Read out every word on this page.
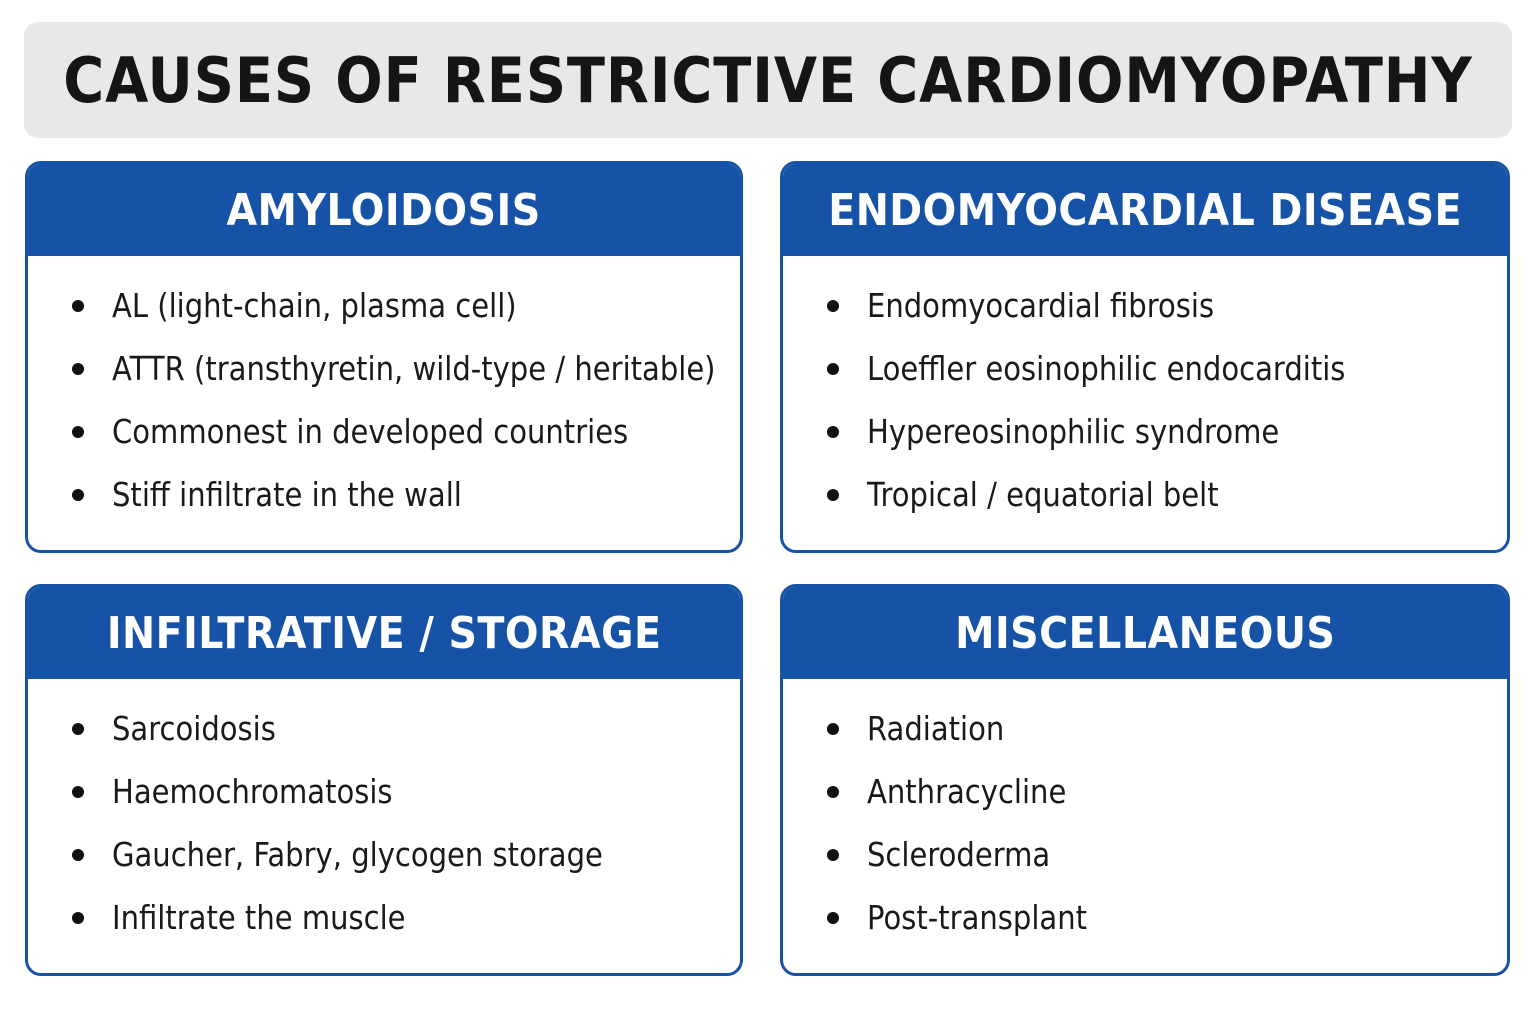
CAUSES OF RESTRICTIVE CARDIOMYOPATHY
AMYLOIDOSIS
AL (light-chain, plasma cell)
ATTR (transthyretin, wild-type / heritable)
Commonest in developed countries
Stiff infiltrate in the wall
ENDOMYOCARDIAL DISEASE
Endomyocardial fibrosis
Loeffler eosinophilic endocarditis
Hypereosinophilic syndrome
Tropical / equatorial belt
INFILTRATIVE / STORAGE
Sarcoidosis
Haemochromatosis
Gaucher, Fabry, glycogen storage
Infiltrate the muscle
MISCELLANEOUS
Radiation
Anthracycline
Scleroderma
Post-transplant
